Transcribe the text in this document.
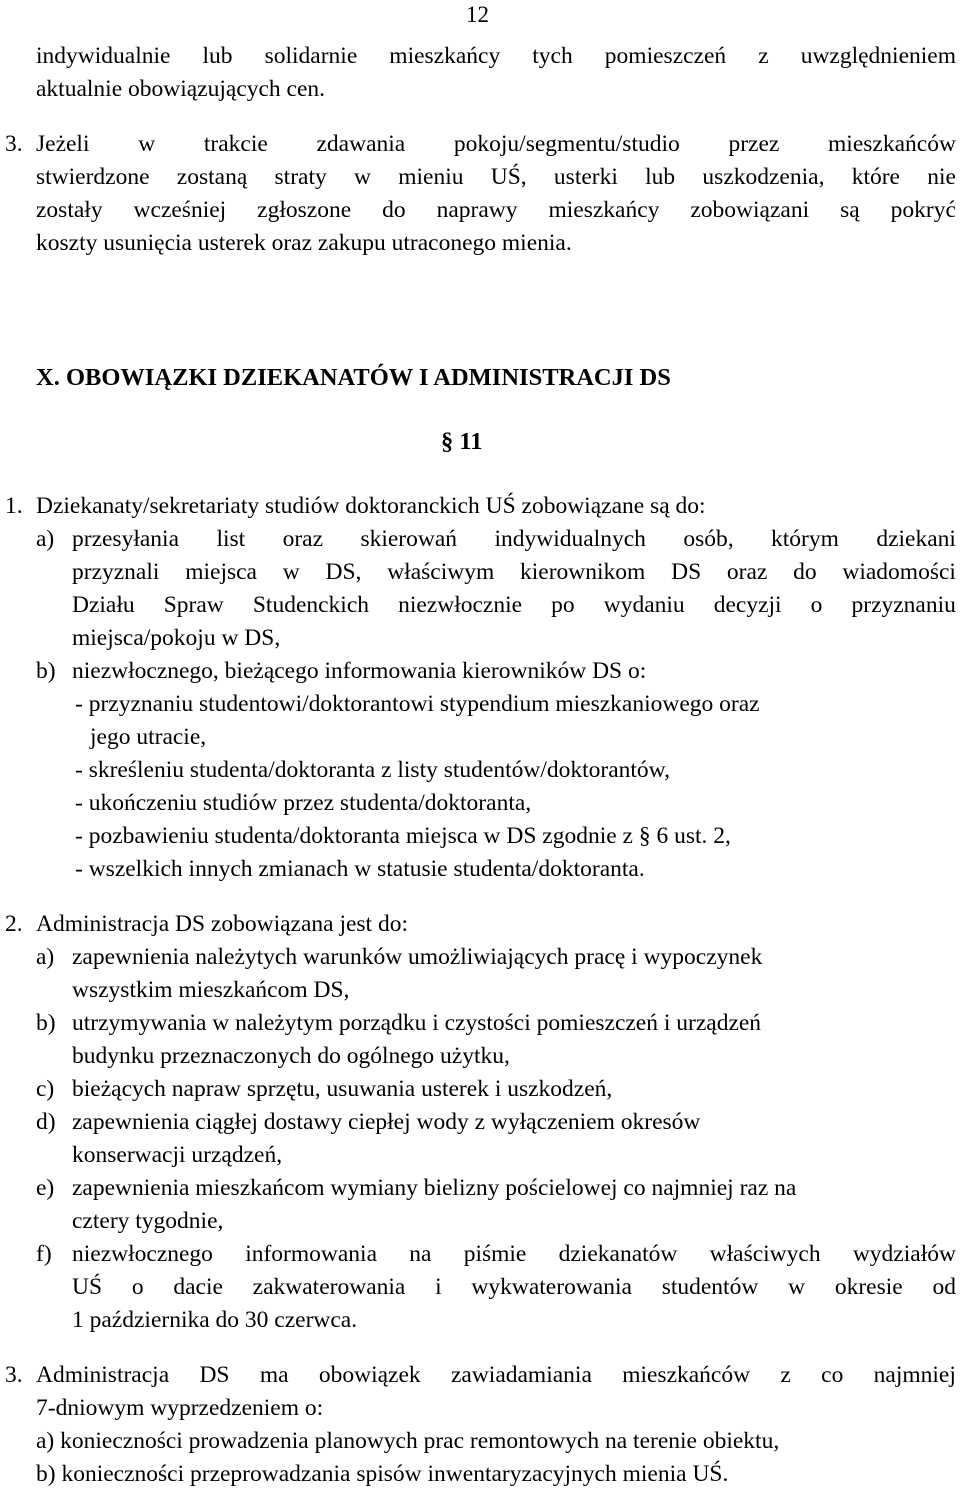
12
indywidualnie lub solidarnie mieszkańcy tych pomieszczeń z uwzględnieniem
aktualnie obowiązujących cen.
3. Jeżeli w trakcie zdawania pokoju/segmentu/studio przez mieszkańców
stwierdzone zostaną straty w mieniu UŚ, usterki lub uszkodzenia, które nie
zostały wcześniej zgłoszone do naprawy mieszkańcy zobowiązani są pokryć
koszty usunięcia usterek oraz zakupu utraconego mienia.
X. OBOWIĄZKI DZIEKANATÓW I ADMINISTRACJI DS
§ 11
1. Dziekanaty/sekretariaty studiów doktoranckich UŚ zobowiązane są do:
a) przesyłania list oraz skierowań indywidualnych osób, którym dziekani
przyznali miejsca w DS, właściwym kierownikom DS oraz do wiadomości
Działu Spraw Studenckich niezwłocznie po wydaniu decyzji o przyznaniu
miejsca/pokoju w DS,
b) niezwłocznego, bieżącego informowania kierowników DS o:
- przyznaniu studentowi/doktorantowi stypendium mieszkaniowego oraz
jego utracie,
- skreśleniu studenta/doktoranta z listy studentów/doktorantów,
- ukończeniu studiów przez studenta/doktoranta,
- pozbawieniu studenta/doktoranta miejsca w DS zgodnie z § 6 ust. 2,
- wszelkich innych zmianach w statusie studenta/doktoranta.
2. Administracja DS zobowiązana jest do:
a) zapewnienia należytych warunków umożliwiających pracę i wypoczynek
wszystkim mieszkańcom DS,
b) utrzymywania w należytym porządku i czystości pomieszczeń i urządzeń
budynku przeznaczonych do ogólnego użytku,
c) bieżących napraw sprzętu, usuwania usterek i uszkodzeń,
d) zapewnienia ciągłej dostawy ciepłej wody z wyłączeniem okresów
konserwacji urządzeń,
e) zapewnienia mieszkańcom wymiany bielizny pościelowej co najmniej raz na
cztery tygodnie,
f) niezwłocznego informowania na piśmie dziekanatów właściwych wydziałów
UŚ o dacie zakwaterowania i wykwaterowania studentów w okresie od
1 października do 30 czerwca.
3. Administracja DS ma obowiązek zawiadamiania mieszkańców z co najmniej
7-dniowym wyprzedzeniem o:
a) konieczności prowadzenia planowych prac remontowych na terenie obiektu,
b) konieczności przeprowadzania spisów inwentaryzacyjnych mienia UŚ.
